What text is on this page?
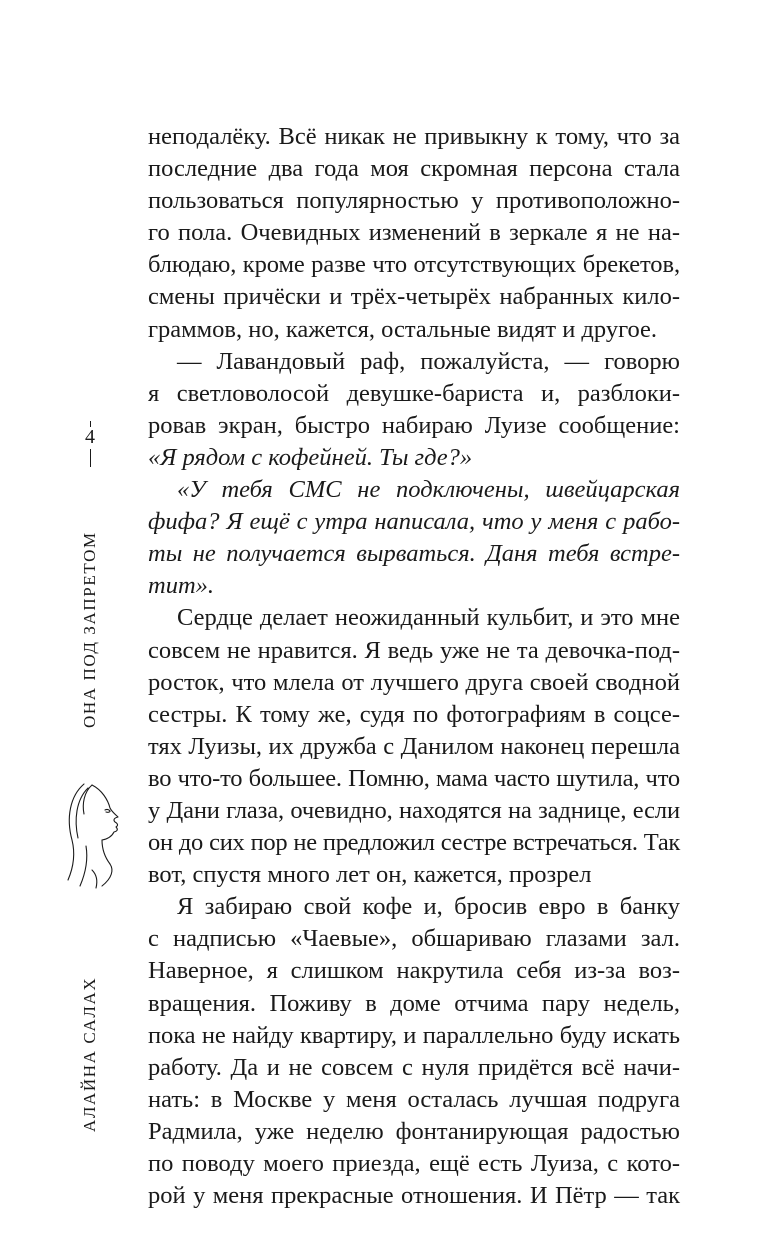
4
ОНА ПОД ЗАПРЕТОМ
АЛАЙНА САЛАХ
неподалёку. Всё никак не привыкну к тому, что за
последние два года моя скромная персона стала
пользоваться популярностью у противоположно-
го пола. Очевидных изменений в зеркале я не на-
блюдаю, кроме разве что отсутствующих брекетов,
смены причёски и трёх-четырёх набранных кило-
граммов, но, кажется, остальные видят и другое.
— Лавандовый раф, пожалуйста, — говорю
я светловолосой девушке-бариста и, разблоки-
ровав экран, быстро набираю Луизе сообщение:
«Я рядом с кофейней. Ты где?»
«У тебя СМС не подключены, швейцарская
фифа? Я ещё с утра написала, что у меня с рабо-
ты не получается вырваться. Даня тебя встре-
тит».
Сердце делает неожиданный кульбит, и это мне
совсем не нравится. Я ведь уже не та девочка-под-
росток, что млела от лучшего друга своей сводной
сестры. К тому же, судя по фотографиям в соцсе-
тях Луизы, их дружба с Данилом наконец перешла
во что-то большее. Помню, мама часто шутила, что
у Дани глаза, очевидно, находятся на заднице, если
он до сих пор не предложил сестре встречаться. Так
вот, спустя много лет он, кажется, прозрел
Я забираю свой кофе и, бросив евро в банку
с надписью «Чаевые», обшариваю глазами зал.
Наверное, я слишком накрутила себя из-за воз-
вращения. Поживу в доме отчима пару недель,
пока не найду квартиру, и параллельно буду искать
работу. Да и не совсем с нуля придётся всё начи-
нать: в Москве у меня осталась лучшая подруга
Радмила, уже неделю фонтанирующая радостью
по поводу моего приезда, ещё есть Луиза, с кото-
рой у меня прекрасные отношения. И Пётр — так
